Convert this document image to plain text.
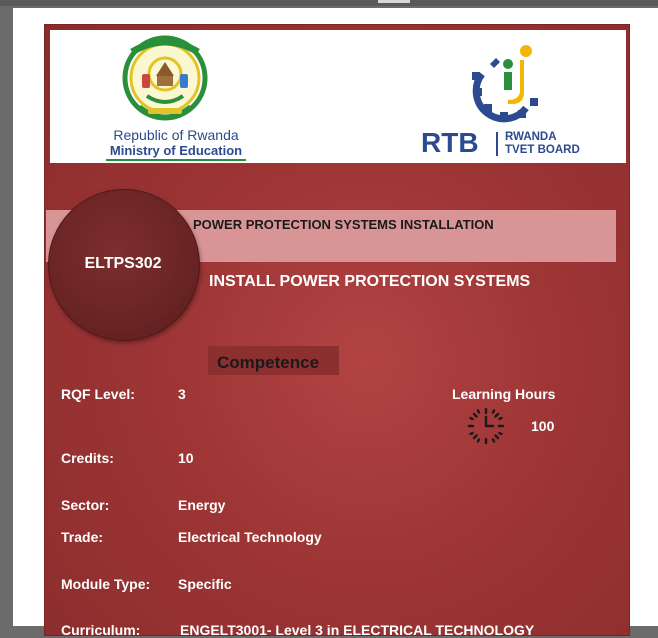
Republic of Rwanda
Ministry of Education	RTB RWANDA
TVET BOARD
POWER PROTECTION SYSTEMS INSTALLATION
ELTPS302
INSTALL POWER PROTECTION SYSTEMS
Competence
RQF Level:	3	Learning Hours
100
Credits:	10
Sector:	Energy
Trade:	Electrical Technology
Module Type: Specific
Curriculum:	ENGELT3001- Level 3 in ELECTRICAL TECHNOLOGY
